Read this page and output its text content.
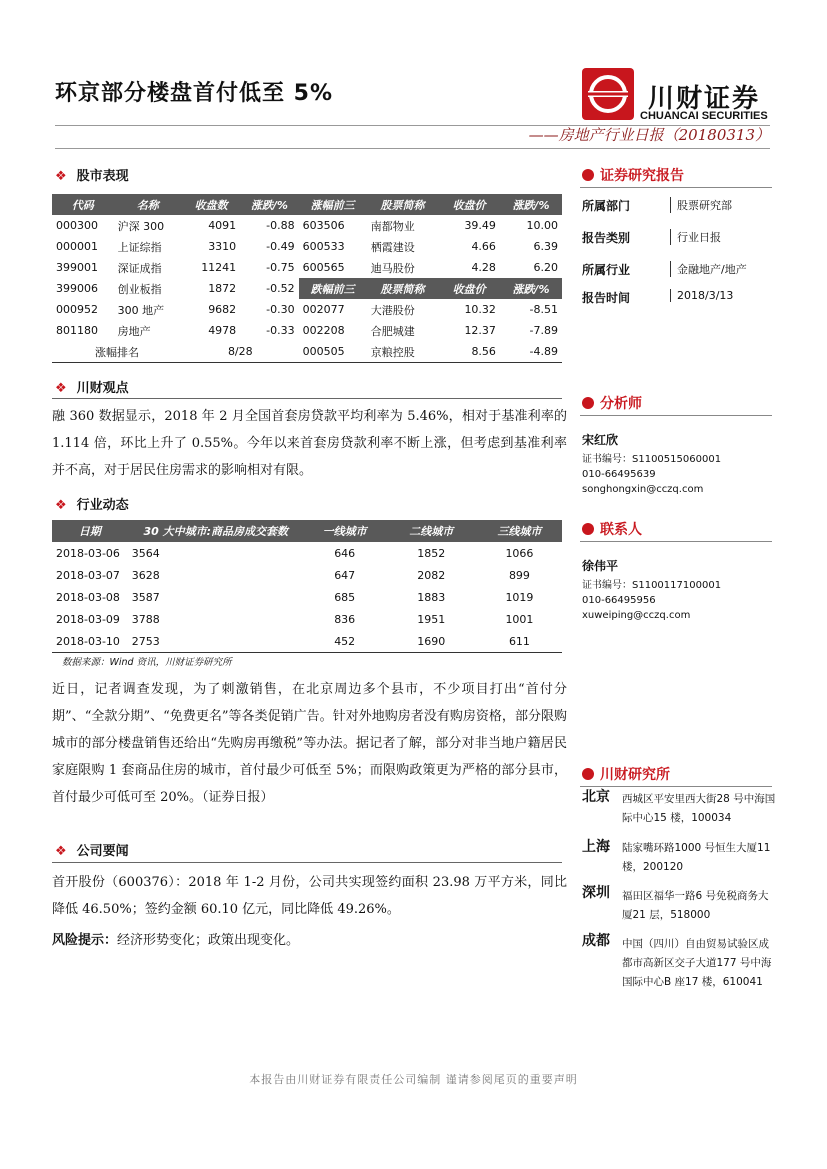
环京部分楼盘首付低至 5%	川财证券
CHUANCAI SECURITIES
——房地产行业日报（20180313）
❖ 股市表现
代码	名称	收盘数	涨跌/%	涨幅前三	股票简称	收盘价	涨跌/%
000300	沪深 300	4091	-0.88	603506	南都物业	39.49	10.00
000001	上证综指	3310	-0.49	600533	栖霞建设	4.66	6.39
399001	深证成指	11241	-0.75	600565	迪马股份	4.28	6.20
399006	创业板指	1872	-0.52	跌幅前三	股票简称	收盘价	涨跌/%
000952	300 地产	9682	-0.30	002077	大港股份	10.32	-8.51
801180	房地产	4978	-0.33	002208	合肥城建	12.37	-7.89
涨幅排名		8/28		000505	京粮控股	8.56	-4.89
❖ 川财观点
融 360 数据显示，2018 年 2 月全国首套房贷款平均利率为 5.46%，相对于基准利率的 1.114 倍，环比上升了 0.55%。今年以来首套房贷款利率不断上涨，但考虑到基准利率并不高，对于居民住房需求的影响相对有限。
❖ 行业动态
日期	30 大中城市:商品房成交套数	一线城市	二线城市	三线城市
2018-03-06	3564	646	1852	1066
2018-03-07	3628	647	2082	899
2018-03-08	3587	685	1883	1019
2018-03-09	3788	836	1951	1001
2018-03-10	2753	452	1690	611
数据来源：Wind 资讯，川财证券研究所
近日，记者调查发现，为了刺激销售，在北京周边多个县市，不少项目打出“首付分期”、“全款分期”、“免费更名”等各类促销广告。针对外地购房者没有购房资格，部分限购城市的部分楼盘销售还给出“先购房再缴税”等办法。据记者了解，部分对非当地户籍居民家庭限购 1 套商品住房的城市，首付最少可低至 5%；而限购政策更为严格的部分县市，首付最少可低可至 20%。（证券日报）
❖ 公司要闻
首开股份（600376）：2018 年 1-2 月份，公司共实现签约面积 23.98 万平方米，同比降低 46.50%；签约金额 60.10 亿元，同比降低 49.26%。
风险提示：经济形势变化；政策出现变化。
证券研究报告
所属部门	股票研究部
报告类别	行业日报
所属行业	金融地产/地产
报告时间	2018/3/13
分析师
宋红欣
证书编号：S1100515060001
010-66495639
songhongxin@cczq.com
联系人
徐伟平
证书编号：S1100117100001
010-66495956
xuweiping@cczq.com
川财研究所
北京 西城区平安里西大街28 号中海国际中心15 楼，100034
上海 陆家嘴环路1000 号恒生大厦11 楼，200120
深圳 福田区福华一路6 号免税商务大厦21 层，518000
成都 中国（四川）自由贸易试验区成都市高新区交子大道177 号中海国际中心B 座17 楼，610041
本报告由川财证券有限责任公司编制 谨请参阅尾页的重要声明
